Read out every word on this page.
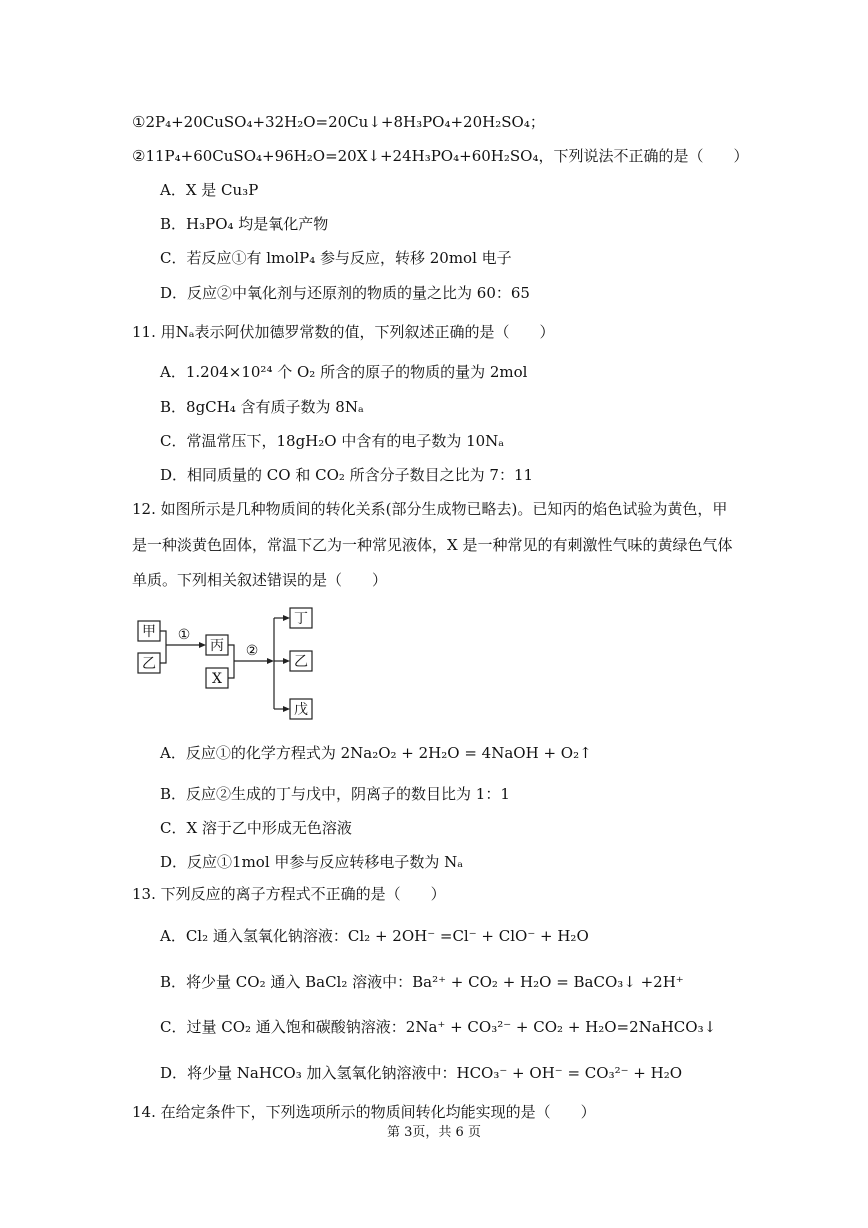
①2P₄+20CuSO₄+32H₂O=20Cu↓+8H₃PO₄+20H₂SO₄；
②11P₄+60CuSO₄+96H₂O=20X↓+24H₃PO₄+60H₂SO₄，下列说法不正确的是（　　）
A．X 是 Cu₃P
B．H₃PO₄ 均是氧化产物
C．若反应①有 lmolP₄ 参与反应，转移 20mol 电子
D．反应②中氧化剂与还原剂的物质的量之比为 60：65
11. 用Nₐ表示阿伏加德罗常数的值，下列叙述正确的是（　　）
A．1.204×10²⁴ 个 O₂ 所含的原子的物质的量为 2mol
B．8gCH₄ 含有质子数为 8Nₐ
C．常温常压下，18gH₂O 中含有的电子数为 10Nₐ
D．相同质量的 CO 和 CO₂ 所含分子数目之比为 7：11
12. 如图所示是几种物质间的转化关系(部分生成物已略去)。已知丙的焰色试验为黄色，甲
是一种淡黄色固体，常温下乙为一种常见液体，X 是一种常见的有刺激性气味的黄绿色气体
单质。下列相关叙述错误的是（　　）
甲
乙
丙
X
丁
乙
戊
①
②
A．反应①的化学方程式为 2Na₂O₂ + 2H₂O = 4NaOH + O₂↑
B．反应②生成的丁与戊中，阴离子的数目比为 1：1
C．X 溶于乙中形成无色溶液
D．反应①1mol 甲参与反应转移电子数为 Nₐ
13. 下列反应的离子方程式不正确的是（　　）
A．Cl₂ 通入氢氧化钠溶液：Cl₂ + 2OH⁻ =Cl⁻ + ClO⁻ + H₂O
B．将少量 CO₂ 通入 BaCl₂ 溶液中：Ba²⁺ + CO₂ + H₂O = BaCO₃↓ +2H⁺
C．过量 CO₂ 通入饱和碳酸钠溶液：2Na⁺ + CO₃²⁻ + CO₂ + H₂O=2NaHCO₃↓
D．将少量 NaHCO₃ 加入氢氧化钠溶液中：HCO₃⁻ + OH⁻ = CO₃²⁻ + H₂O
14. 在给定条件下，下列选项所示的物质间转化均能实现的是（　　）
第 3页，共 6 页
